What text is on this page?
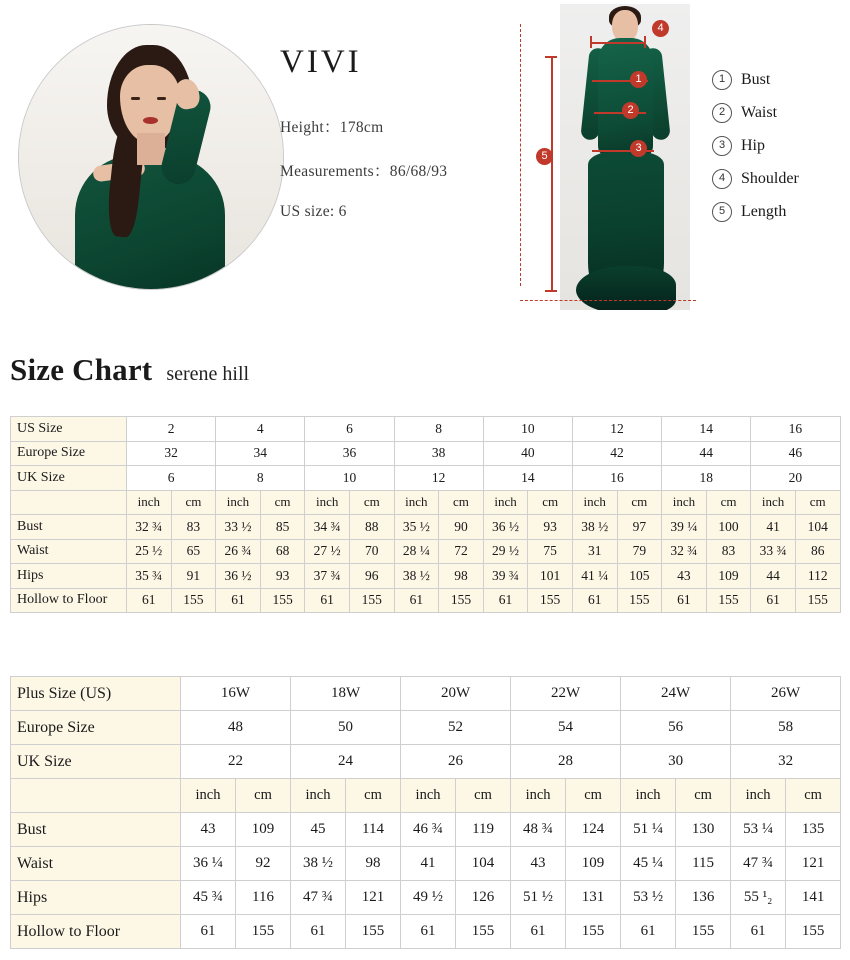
VIVI
Height：178cm
Measurements：86/68/93
US size: 6
4
1
2
3
5
1 Bust
2 Waist
3 Hip
4 Shoulder
5 Length
Size Chart serene hill
US Size	2		4		6		8		10		12		14		16	
Europe Size	32		34		36		38		40		42		44		46	
UK Size	6		8		10		12		14		16		18		20	
	inch	cm	inch	cm	inch	cm	inch	cm	inch	cm	inch	cm	inch	cm	inch	cm
Bust	32 ¾	83	33 ½	85	34 ¾	88	35 ½	90	36 ½	93	38 ½	97	39 ¼	100	41	104
Waist	25 ½	65	26 ¾	68	27 ½	70	28 ¼	72	29 ½	75	31	79	32 ¾	83	33 ¾	86
Hips	35 ¾	91	36 ½	93	37 ¾	96	38 ½	98	39 ¾	101	41 ¼	105	43	109	44	112
Hollow to Floor	61	155	61	155	61	155	61	155	61	155	61	155	61	155	61	155
Plus Size (US)	16W		18W		20W		22W		24W		26W	
Europe Size	48		50		52		54		56		58	
UK Size	22		24		26		28		30		32	
	inch	cm	inch	cm	inch	cm	inch	cm	inch	cm	inch	cm
Bust	43	109	45	114	46 ¾	119	48 ¾	124	51 ¼	130	53 ¼	135
Waist	36 ¼	92	38 ½	98	41	104	43	109	45 ¼	115	47 ¾	121
Hips	45 ¾	116	47 ¾	121	49 ½	126	51 ½	131	53 ½	136	55 ¹₂	141
Hollow to Floor	61	155	61	155	61	155	61	155	61	155	61	155
